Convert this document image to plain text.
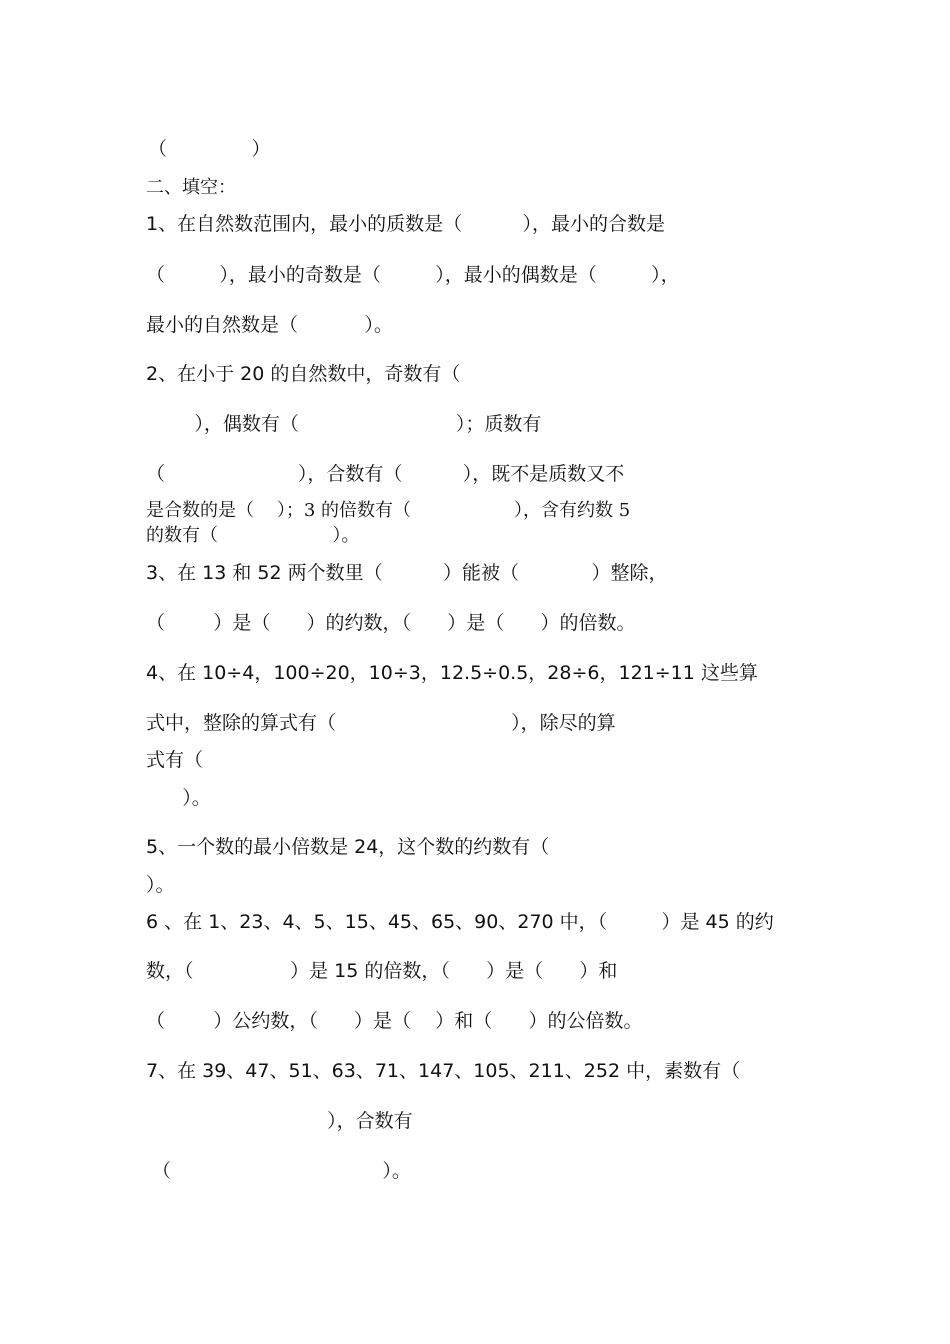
（              ）
二、填空：
1、在自然数范围内，最小的质数是（          ），最小的合数是
（         ），最小的奇数是（         ），最小的偶数是（         ），
最小的自然数是（           ）。
2、在小于 20 的自然数中，奇数有（
），偶数有（                          ）；质数有
（                      ），合数有（          ），既不是质数又不
是合数的是（    ）；3 的倍数有（                  ），含有约数 5
的数有（                    ）。
3、在 13 和 52 两个数里（          ）能被（            ）整除，
（        ）是（      ）的约数，（      ）是（      ）的倍数。
4、在 10÷4，100÷20，10÷3，12.5÷0.5，28÷6，121÷11 这些算
式中，整除的算式有（                             ），除尽的算
式有（
）。
5、一个数的最小倍数是 24，这个数的约数有（
）。
6 、在 1、23、4、5、15、45、65、90、270 中，（         ）是 45 的约
数，（                ）是 15 的倍数，（      ）是（      ）和
（        ）公约数，（      ）是（    ）和（      ）的公倍数。
7、在 39、47、51、63、71、147、105、211、252 中，素数有（
），合数有
（                                   ）。
